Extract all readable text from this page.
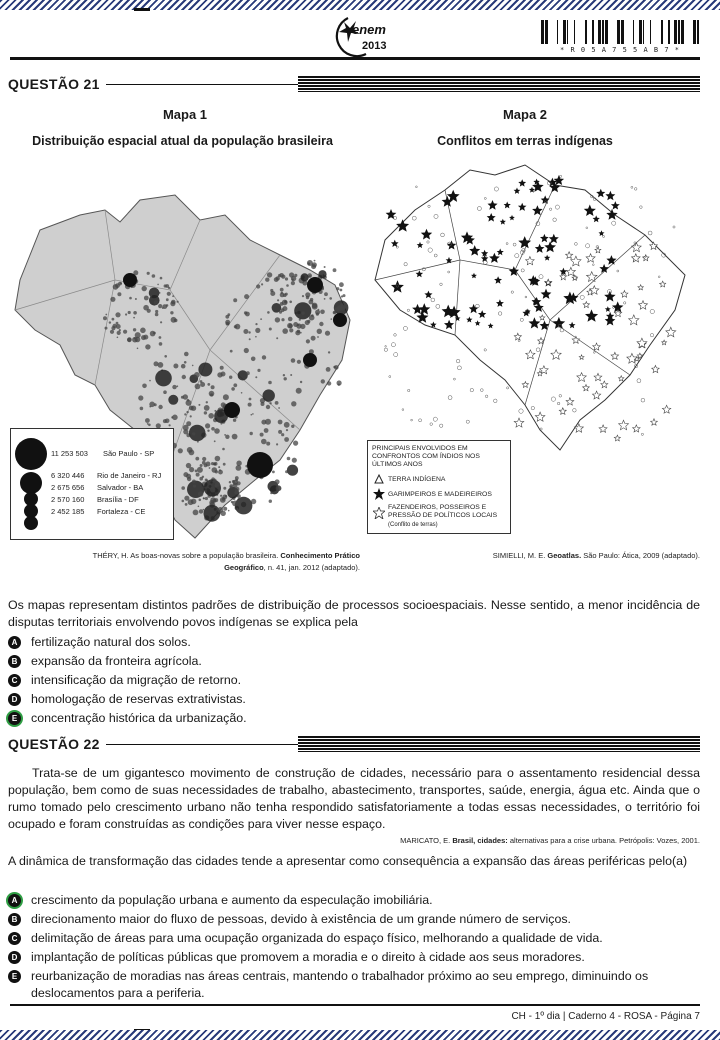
enem
2013	* R 0 5 A 7 5 5 A B 7 *
QUESTÃO 21
Mapa 1
Distribuição espacial atual da população brasileira
Mapa 2
Conflitos em terras indígenas
11 253 503 São Paulo - SP
6 320 446 Rio de Janeiro - RJ
2 675 656 Salvador - BA
2 570 160 Brasília - DF
2 452 185 Fortaleza - CE
THÉRY, H. As boas-novas sobre a população brasileira. Conhecimento Prático
Geográfico, n. 41, jan. 2012 (adaptado).
PRINCIPAIS ENVOLVIDOS EM CONFRONTOS COM ÍNDIOS NOS ÚLTIMOS ANOS
TERRA INDÍGENA
GARIMPEIROS E MADEIREIROS
FAZENDEIROS, POSSEIROS E PRESSÃO DE POLÍTICOS LOCAIS
(Conflito de terras)
SIMIELLI, M. E. Geoatlas. São Paulo: Ática, 2009 (adaptado).
Os mapas representam distintos padrões de distribuição de processos socioespaciais. Nesse sentido, a menor incidência de disputas territoriais envolvendo povos indígenas se explica pela
A fertilização natural dos solos.
B expansão da fronteira agrícola.
C intensificação da migração de retorno.
D homologação de reservas extrativistas.
E	concentração histórica da urbanização.
QUESTÃO 22
Trata-se de um gigantesco movimento de construção de cidades, necessário para o assentamento residencial dessa população, bem como de suas necessidades de trabalho, abastecimento, transportes, saúde, energia, água etc. Ainda que o rumo tomado pelo crescimento urbano não tenha respondido satisfatoriamente a todas essas necessidades, o território foi ocupado e foram construídas as condições para viver nesse espaço.
MARICATO, E. Brasil, cidades: alternativas para a crise urbana. Petrópolis: Vozes, 2001.
A dinâmica de transformação das cidades tende a apresentar como consequência a expansão das áreas periféricas pelo(a)
A crescimento da população urbana e aumento da especulação imobiliária.
B direcionamento maior do fluxo de pessoas, devido à existência de um grande número de serviços.
C delimitação de áreas para uma ocupação organizada do espaço físico, melhorando a qualidade de vida.
D implantação de políticas públicas que promovem a moradia e o direito à cidade aos seus moradores.
E	reurbanização de moradias nas áreas centrais, mantendo o trabalhador próximo ao seu emprego, diminuindo os deslocamentos para a periferia.
CH - 1º dia | Caderno 4 - ROSA - Página 7
